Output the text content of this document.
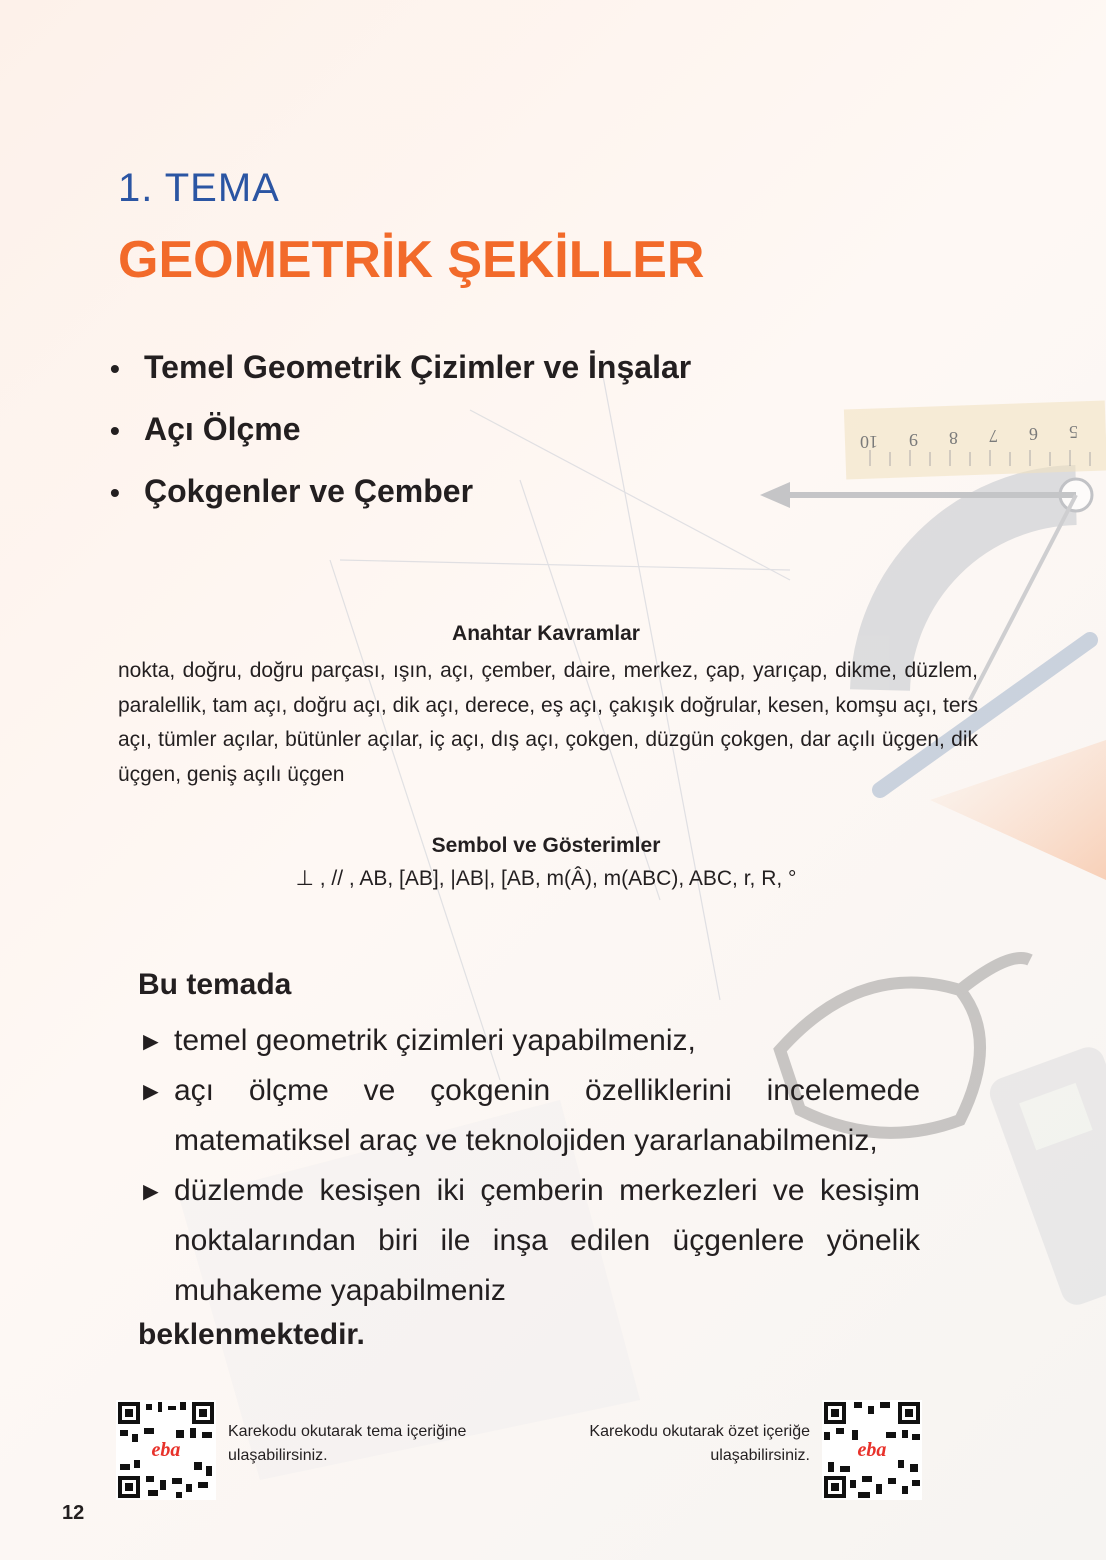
10 9 8 7 6 5
1. TEMA
GEOMETRİK ŞEKİLLER
• Temel Geometrik Çizimler ve İnşalar
• Açı Ölçme
• Çokgenler ve Çember
Anahtar Kavramlar
nokta, doğru, doğru parçası, ışın, açı, çember, daire, merkez, çap, yarıçap, dikme, düzlem, paralellik, tam açı, doğru açı, dik açı, derece, eş açı, çakışık doğrular, kesen, komşu açı, ters açı, tümler açılar, bütünler açılar, iç açı, dış açı, çokgen, düzgün çokgen, dar açılı üçgen, dik üçgen, geniş açılı üçgen
Sembol ve Gösterimler
⊥ , // , AB, [AB], |AB|, [AB, m(Â), m(ABC), ABC, r, R, °
Bu temada
► temel geometrik çizimleri yapabilmeniz,
► açı ölçme ve çokgenin özelliklerini incelemede matematiksel araç ve teknolojiden yararlanabilmeniz,
► düzlemde kesişen iki çemberin merkezleri ve kesişim noktalarından biri ile inşa edilen üçgenlere yönelik muhakeme yapabilmeniz
beklenmektedir.
eba
Karekodu okutarak tema içeriğine ulaşabilirsiniz.
Karekodu okutarak özet içeriğe ulaşabilirsiniz. eba
12
